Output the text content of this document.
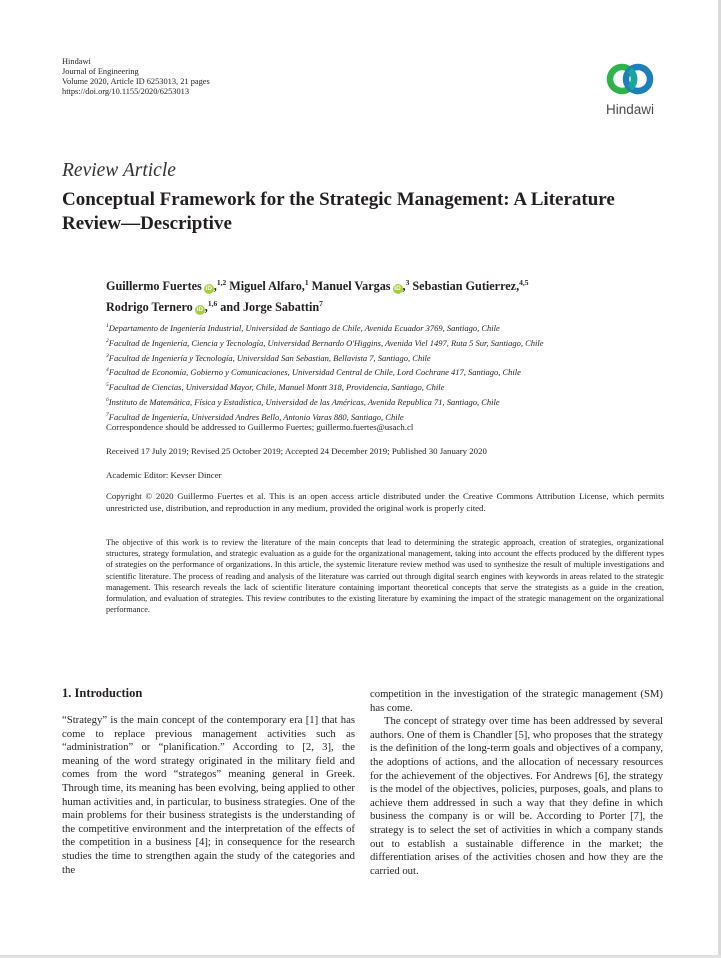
Hindawi
Journal of Engineering
Volume 2020, Article ID 6253013, 21 pages
https://doi.org/10.1155/2020/6253013
Hindawi
Review Article
Conceptual Framework for the Strategic Management: A Literature Review—Descriptive
Guillermo Fuertes iD ,$^{1,2}$ Miguel Alfaro,$^1$ Manuel Vargas iD ,$^3$ Sebastian Gutierrez,$^{4,5}$
Rodrigo Ternero iD ,$^{1,6}$ and Jorge Sabattin$^7$
$^1$Departamento de Ingeniería Industrial, Universidad de Santiago de Chile, Avenida Ecuador 3769, Santiago, Chile
$^2$Facultad de Ingeniería, Ciencia y Tecnología, Universidad Bernardo O'Higgins, Avenida Viel 1497, Ruta 5 Sur, Santiago, Chile
$^3$Facultad de Ingeniería y Tecnología, Universidad San Sebastian, Bellavista 7, Santiago, Chile
$^4$Facultad de Economía, Gobierno y Comunicaciones, Universidad Central de Chile, Lord Cochrane 417, Santiago, Chile
$^5$Facultad de Ciencias, Universidad Mayor, Chile, Manuel Montt 318, Providencia, Santiago, Chile
$^6$Instituto de Matemática, Física y Estadística, Universidad de las Américas, Avenida Republica 71, Santiago, Chile
$^7$Facultad de Ingeniería, Universidad Andres Bello, Antonio Varas 880, Santiago, Chile
Correspondence should be addressed to Guillermo Fuertes; guillermo.fuertes@usach.cl
Received 17 July 2019; Revised 25 October 2019; Accepted 24 December 2019; Published 30 January 2020
Academic Editor: Kevser Dincer
Copyright © 2020 Guillermo Fuertes et al. This is an open access article distributed under the Creative Commons Attribution License, which permits unrestricted use, distribution, and reproduction in any medium, provided the original work is properly cited.
The objective of this work is to review the literature of the main concepts that lead to determining the strategic approach, creation of strategies, organizational structures, strategy formulation, and strategic evaluation as a guide for the organizational management, taking into account the effects produced by the different types of strategies on the performance of organizations. In this article, the systemic literature review method was used to synthesize the result of multiple investigations and scientific literature. The process of reading and analysis of the literature was carried out through digital search engines with keywords in areas related to the strategic management. This research reveals the lack of scientific literature containing important theoretical concepts that serve the strategists as a guide in the creation, formulation, and evaluation of strategies. This review contributes to the existing literature by examining the impact of the strategic management on the organizational performance.
1. Introduction

“Strategy” is the main concept of the contemporary era [1] that has come to replace previous management activities such as “administration” or “planification.” According to [2, 3], the meaning of the word strategy originated in the military field and comes from the word “strategos” meaning general in Greek. Through time, its meaning has been evolving, being applied to other human activities and, in particular, to business strategies. One of the main problems for their business strategists is the understanding of the competitive environment and the interpretation of the effects of the competition in a business [4]; in consequence for the research studies the time to strengthen again the study of the categories and the

competition in the investigation of the strategic management (SM) has come.

The concept of strategy over time has been addressed by several authors. One of them is Chandler [5], who proposes that the strategy is the definition of the long-term goals and objectives of a company, the adoptions of actions, and the allocation of necessary resources for the achievement of the objectives. For Andrews [6], the strategy is the model of the objectives, policies, purposes, goals, and plans to achieve them addressed in such a way that they define in which business the company is or will be. According to Porter [7], the strategy is to select the set of activities in which a company stands out to establish a sustainable difference in the market; the differentiation arises of the activities chosen and how they are the carried out.
